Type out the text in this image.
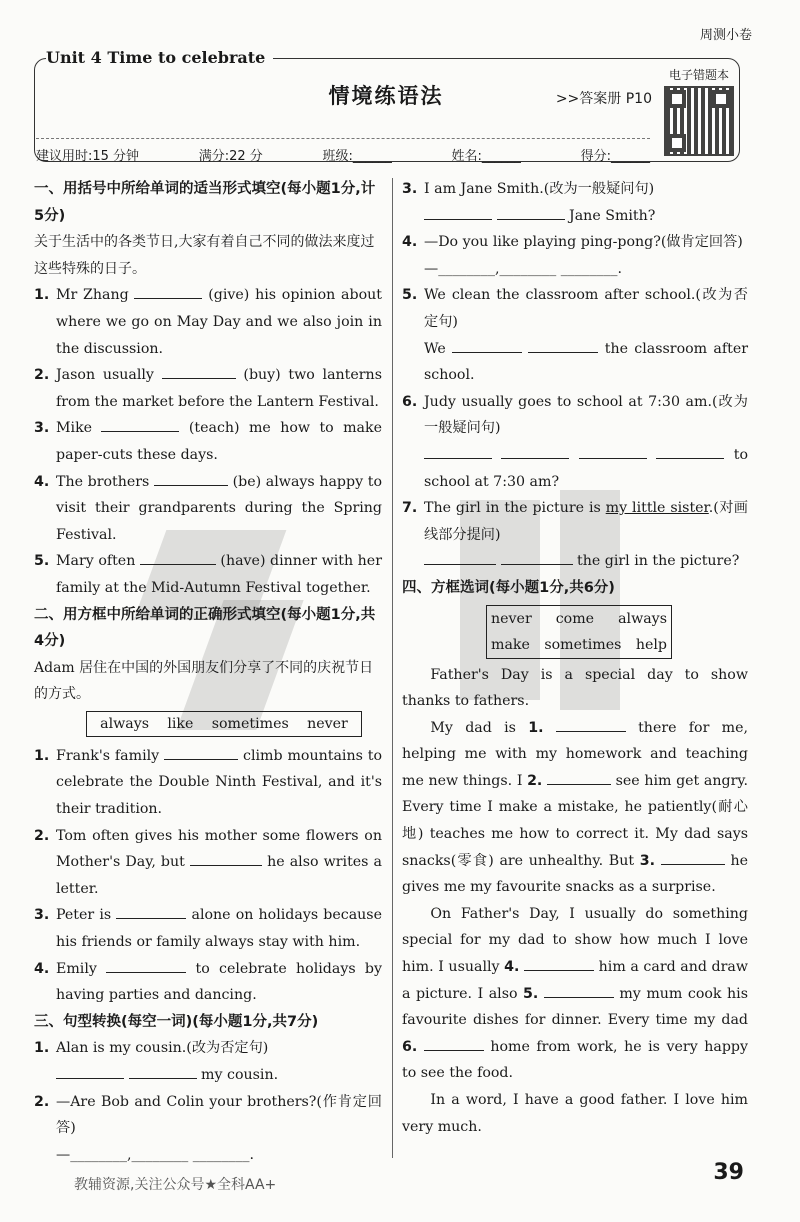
周测小卷
Unit 4 Time to celebrate
情境练语法	>>答案册 P10
电子错题本
建议用时:15 分钟	满分:22 分	班级:______	姓名:______	得分:______
一、用括号中所给单词的适当形式填空(每小题1分,计5分)
关于生活中的各类节日,大家有着自己不同的做法来度过这些特殊的日子。
1. Mr Zhang	(give) his opinion about where we go on May Day and we also join in the discussion.
2. Jason usually	(buy) two lanterns from the market before the Lantern Festival.
3. Mike	(teach) me how to make paper-cuts these days.
4. The brothers	(be) always happy to visit their grandparents during the Spring Festival.
5. Mary often	(have) dinner with her family at the Mid-Autumn Festival together.
二、用方框中所给单词的正确形式填空(每小题1分,共4分)
Adam 居住在中国的外国朋友们分享了不同的庆祝节日的方式。
always like sometimes never
1. Frank's family	climb mountains to celebrate the Double Ninth Festival, and it's their tradition.
2. Tom often gives his mother some flowers on Mother's Day, but	he also writes a letter.
3. Peter is	alone on holidays because his friends or family always stay with him.
4. Emily	to celebrate holidays by having parties and dancing.
三、句型转换(每空一词)(每小题1分,共7分)
1. Alan is my cousin.(改为否定句)
my cousin.
2. —Are Bob and Colin your brothers?(作肯定回答)
—________,________ ________.
3. I am Jane Smith.(改为一般疑问句)
Jane Smith?
4. —Do you like playing ping-pong?(做肯定回答)
—________,________ ________.
5. We clean the classroom after school.(改为否定句)
We	the classroom after school.
6. Judy usually goes to school at 7:30 am.(改为一般疑问句)
to school at 7:30 am?
7. The girl in the picture is my little sister.(对画线部分提问)
the girl in the picture?
四、方框选词(每小题1分,共6分)
never come always
make sometimes help
Father's Day is a special day to show thanks to fathers.
My dad is 1.	there for me, helping me with my homework and teaching me new things. I 2.	see him get angry. Every time I make a mistake, he patiently(耐心地) teaches me how to correct it. My dad says snacks(零食) are unhealthy. But 3.	he gives me my favourite snacks as a surprise.
On Father's Day, I usually do something special for my dad to show how much I love him. I usually 4.	him a card and draw a picture. I also 5.	my mum cook his favourite dishes for dinner. Every time my dad 6.	home from work, he is very happy to see the food.
In a word, I have a good father. I love him very much.
39
教辅资源,关注公众号★全科AA+
